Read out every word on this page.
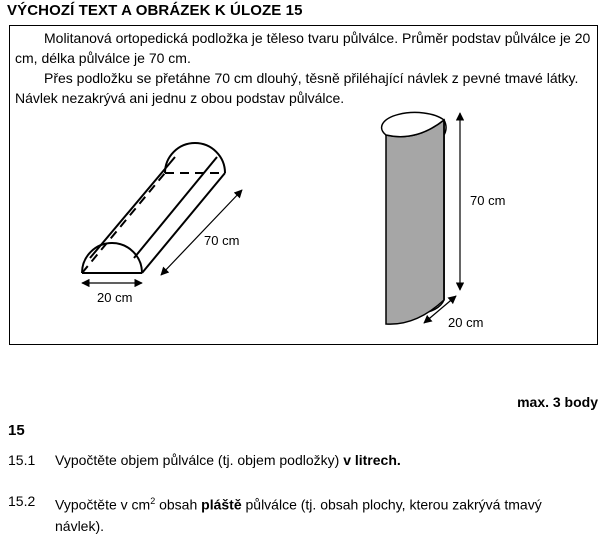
VÝCHOZÍ TEXT A OBRÁZEK K ÚLOZE 15

Molitanová ortopedická podložka je těleso tvaru půlválce. Průměr podstav půlválce je 20 cm, délka půlválce je 70 cm.

Přes podložku se přetáhne 70 cm dlouhý, těsně přiléhající návlek z pevné tmavé látky. Návlek nezakrývá ani jednu z obou podstav půlválce.

70 cm
20 cm
70 cm
20 cm
max. 3 body
15
15.1 Vypočtěte objem půlválce (tj. objem podložky) v litrech.
15.2 Vypočtěte v $cm^2$ obsah pláště půlválce (tj. obsah plochy, kterou zakrývá tmavý návlek).
